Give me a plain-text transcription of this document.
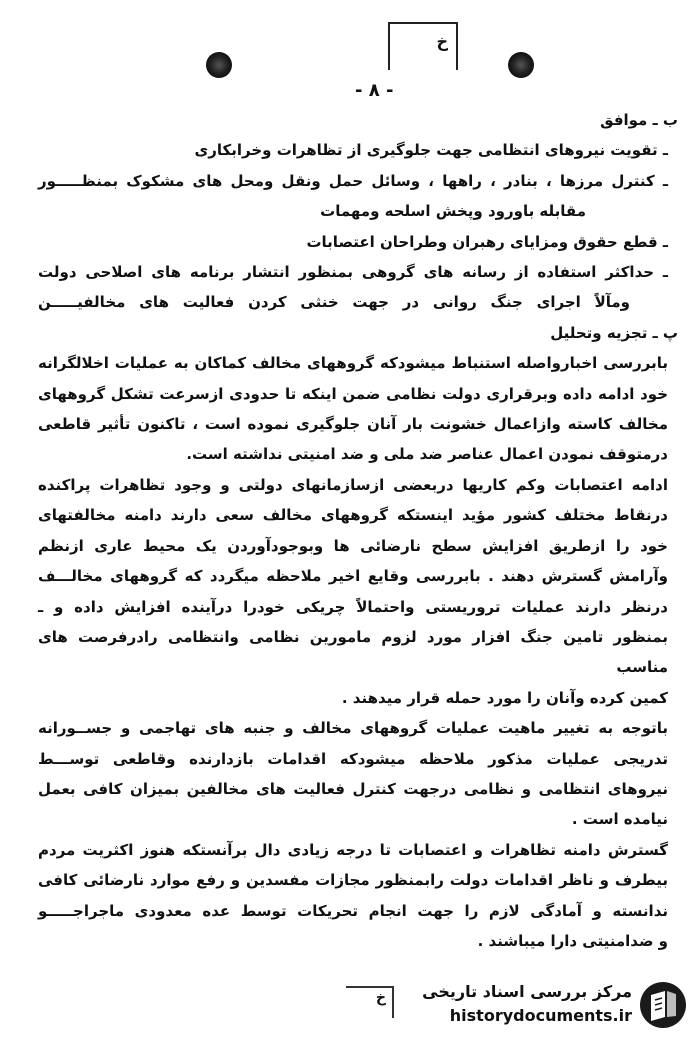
خ
- ۸ -

ب ـ موافق

ـ تقویت نیروهای انتظامی جهت جلوگیری از تظاهرات وخرابکاری

ـ کنترل مرزها ، بنادر ، راهها ، وسائل حمل ونقل ومحل های مشکوک بمنظـــــور

مقابله باورود وپخش اسلحه ومهمات

ـ قطع حقوق ومزایای رهبران وطراحان اعتصابات

ـ حداکثر استفاده از رسانه های گروهی بمنظور انتشار برنامه های اصلاحی دولت

ومآلاً اجرای جنگ روانی در جهت خنثی کردن فعالیت های مخالفیـــــن

پ ـ تجزیه وتحلیل

بابررسی اخبارواصله استنباط میشودکه گروههای مخالف کماکان به عملیات اخلالگرانه

خود ادامه داده وبرقراری دولت نظامی ضمن اینکه تا حدودی ازسرعت تشکل گروههای

مخالف کاسته وازاعمال خشونت بار آنان جلوگیری نموده است ، تاکنون تأثیر قاطعی

درمتوقف نمودن اعمال عناصر ضد ملی و ضد امنیتی نداشته است.

ادامه اعتصابات وکم کاریها دربعضی ازسازمانهای دولتی و وجود تظاهرات پراکنده

درنقاط مختلف کشور مؤید اینستکه گروههای مخالف سعی دارند دامنه مخالفتهای

خود را ازطریق افزایش سطح نارضائی ها وبوجودآوردن یک محیط عاری ازنظم

وآرامش گسترش دهند . بابررسی وقایع اخیر ملاحظه میگردد که گروههای مخالـــف

درنظر دارند عملیات تروریستی واحتمالاً چریکی خودرا درآینده افزایش داده و ـ

بمنظور تامین جنگ افزار مورد لزوم مامورین نظامی وانتظامی رادرفرصت های مناسب

کمین کرده وآنان را مورد حمله قرار میدهند .

باتوجه به تغییر ماهیت عملیات گروههای مخالف و جنبه های تهاجمی و جســورانه

تدریجی عملیات مذکور ملاحظه میشودکه اقدامات بازدارنده وقاطعی توســـط

نیروهای انتظامی و نظامی درجهت کنترل فعالیت های مخالفین بمیزان کافی بعمل

نیامده است .

گسترش دامنه تظاهرات و اعتصابات تا درجه زیادی دال برآنستکه هنوز اکثریت مردم

بیطرف و ناظر اقدامات دولت رابمنظور مجازات مفسدین و رفع موارد نارضائی کافی

ندانسته و آمادگی لازم را جهت انجام تحریکات توسط عده معدودی ماجراجـــــو

و ضدامنیتی دارا میباشند .

خ مرکز بررسی اسناد تاریخی
historydocuments.ir
